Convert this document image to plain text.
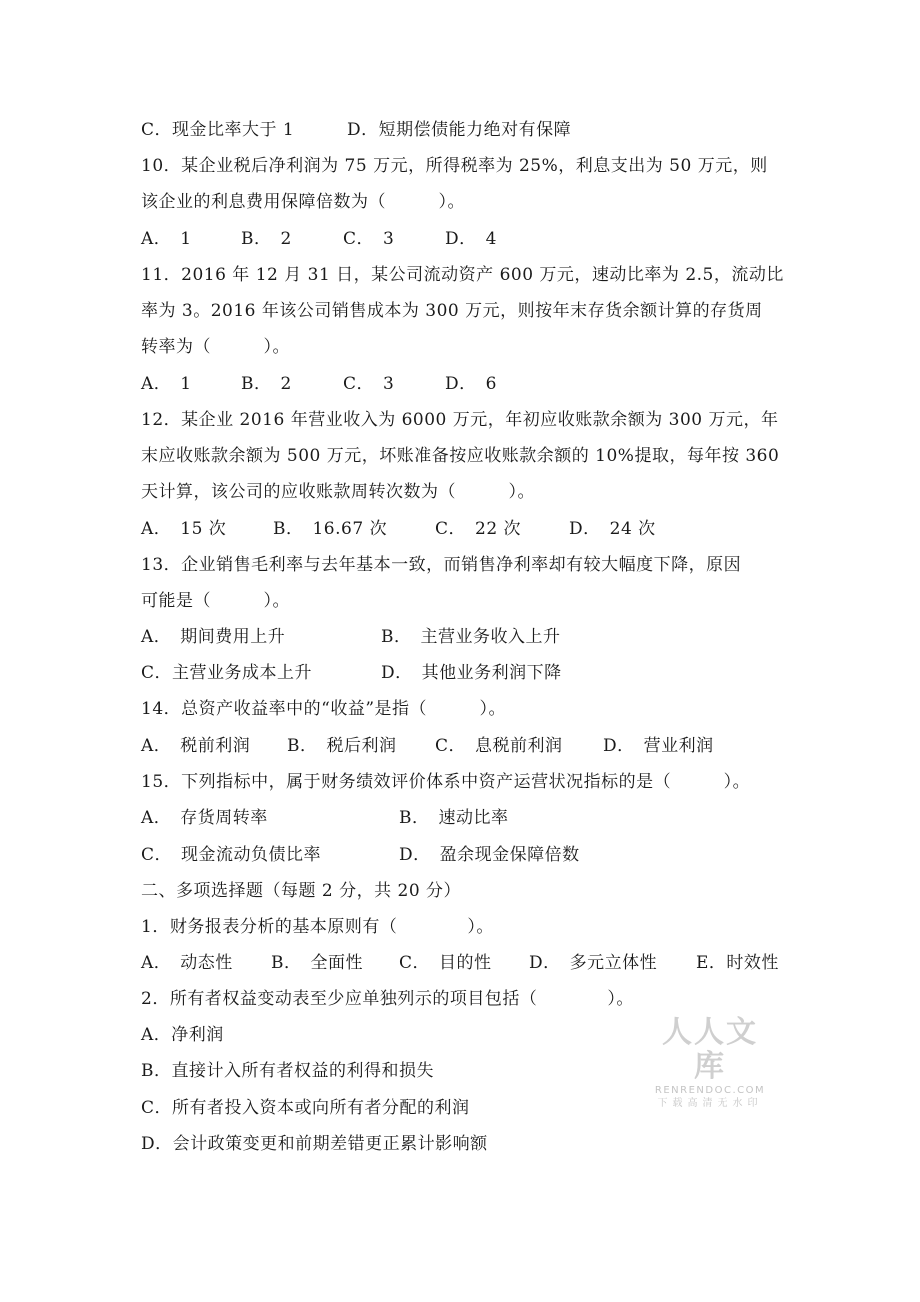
C．现金比率大于 1	D．短期偿债能力绝对有保障
10．某企业税后净利润为 75 万元，所得税率为 25%，利息支出为 50 万元，则
该企业的利息费用保障倍数为（　　　）。
A．　1	B．　2	C．　3	D．　4
11．2016 年 12 月 31 日，某公司流动资产 600 万元，速动比率为 2.5，流动比
率为 3。2016 年该公司销售成本为 300 万元，则按年末存货余额计算的存货周
转率为（　　　）。
A．　1	B．　2	C．　3	D．　6
12．某企业 2016 年营业收入为 6000 万元，年初应收账款余额为 300 万元，年
末应收账款余额为 500 万元，坏账准备按应收账款余额的 10%提取，每年按 360
天计算，该公司的应收账款周转次数为（　　　）。
A．　15 次	B．　16.67 次	C．　22 次	D．　24 次
13．企业销售毛利率与去年基本一致，而销售净利率却有较大幅度下降，原因
可能是（　　　）。
A．　期间费用上升	B．　主营业务收入上升
C．主营业务成本上升	D．　其他业务利润下降
14．总资产收益率中的“收益”是指（　　　）。
A．　税前利润 B．　税后利润 C．　息税前利润 D．　营业利润
15．下列指标中，属于财务绩效评价体系中资产运营状况指标的是（　　　）。
A．　存货周转率	B．　速动比率
C．　现金流动负债比率	D．　盈余现金保障倍数
二、多项选择题（每题 2 分，共 20 分）
1．财务报表分析的基本原则有（　　　　）。
A．　动态性 B．　全面性 C．　目的性 D．　多元立体性 E．时效性
2．所有者权益变动表至少应单独列示的项目包括（　　　　）。
A．净利润
B．直接计入所有者权益的利得和损失
C．所有者投入资本或向所有者分配的利润
D．会计政策变更和前期差错更正累计影响额
人人文库
RENRENDOC.COM
下载高清无水印
